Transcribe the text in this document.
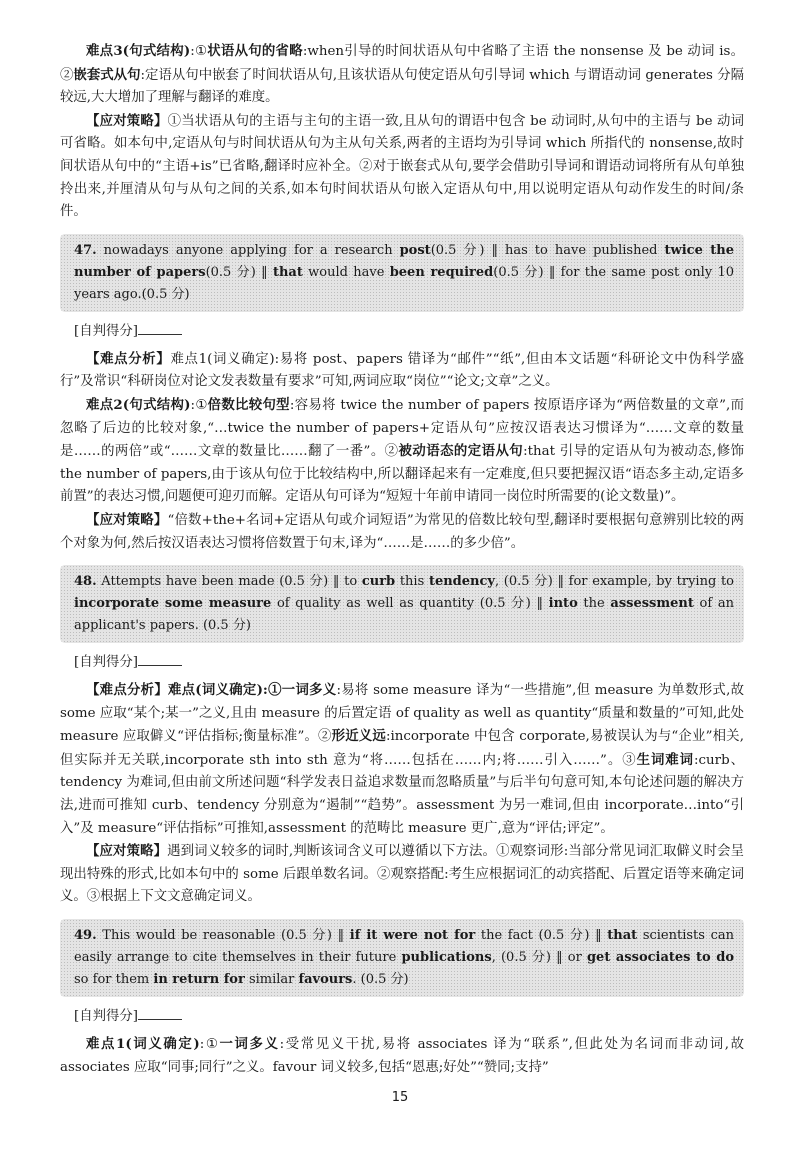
难点3(句式结构):①状语从句的省略:when引导的时间状语从句中省略了主语 the nonsense 及 be 动词 is。②嵌套式从句:定语从句中嵌套了时间状语从句,且该状语从句使定语从句引导词 which 与谓语动词 generates 分隔较远,大大增加了理解与翻译的难度。

【应对策略】①当状语从句的主语与主句的主语一致,且从句的谓语中包含 be 动词时,从句中的主语与 be 动词可省略。如本句中,定语从句与时间状语从句为主从句关系,两者的主语均为引导词 which 所指代的 nonsense,故时间状语从句中的“主语+is”已省略,翻译时应补全。②对于嵌套式从句,要学会借助引导词和谓语动词将所有从句单独拎出来,并厘清从句与从句之间的关系,如本句时间状语从句嵌入定语从句中,用以说明定语从句动作发生的时间/条件。

47. nowadays anyone applying for a research post(0.5 分) ‖ has to have published twice the number of papers(0.5 分) ‖ that would have been required(0.5 分) ‖ for the same post only 10 years ago.(0.5 分)

[自判得分]

【难点分析】难点1(词义确定):易将 post、papers 错译为“邮件”“纸”,但由本文话题“科研论文中伪科学盛行”及常识“科研岗位对论文发表数量有要求”可知,两词应取“岗位”“论文;文章”之义。

难点2(句式结构):①倍数比较句型:容易将 twice the number of papers 按原语序译为“两倍数量的文章”,而忽略了后边的比较对象,“…twice the number of papers+定语从句”应按汉语表达习惯译为“……文章的数量是……的两倍”或“……文章的数量比……翻了一番”。②被动语态的定语从句:that 引导的定语从句为被动态,修饰 the number of papers,由于该从句位于比较结构中,所以翻译起来有一定难度,但只要把握汉语“语态多主动,定语多前置”的表达习惯,问题便可迎刃而解。定语从句可译为“短短十年前申请同一岗位时所需要的(论文数量)”。

【应对策略】“倍数+the+名词+定语从句或介词短语”为常见的倍数比较句型,翻译时要根据句意辨别比较的两个对象为何,然后按汉语表达习惯将倍数置于句末,译为“……是……的多少倍”。

48. Attempts have been made (0.5 分) ‖ to curb this tendency, (0.5 分) ‖ for example, by trying to incorporate some measure of quality as well as quantity (0.5 分) ‖ into the assessment of an applicant's papers. (0.5 分)

[自判得分]

【难点分析】难点(词义确定):①一词多义:易将 some measure 译为“一些措施”,但 measure 为单数形式,故 some 应取“某个;某一”之义,且由 measure 的后置定语 of quality as well as quantity“质量和数量的”可知,此处 measure 应取僻义“评估指标;衡量标准”。②形近义远:incorporate 中包含 corporate,易被误认为与“企业”相关,但实际并无关联,incorporate sth into sth 意为“将……包括在……内;将……引入……”。③生词难词:curb、tendency 为难词,但由前文所述问题“科学发表日益追求数量而忽略质量”与后半句句意可知,本句论述问题的解决方法,进而可推知 curb、tendency 分别意为“遏制”“趋势”。assessment 为另一难词,但由 incorporate…into“引入”及 measure“评估指标”可推知,assessment 的范畴比 measure 更广,意为“评估;评定”。

【应对策略】遇到词义较多的词时,判断该词含义可以遵循以下方法。①观察词形:当部分常见词汇取僻义时会呈现出特殊的形式,比如本句中的 some 后跟单数名词。②观察搭配:考生应根据词汇的动宾搭配、后置定语等来确定词义。③根据上下文文意确定词义。

49. This would be reasonable (0.5 分) ‖ if it were not for the fact (0.5 分) ‖ that scientists can easily arrange to cite themselves in their future publications, (0.5 分) ‖ or get associates to do so for them in return for similar favours. (0.5 分)

[自判得分]

难点1(词义确定):①一词多义:受常见义干扰,易将 associates 译为“联系”,但此处为名词而非动词,故 associates 应取“同事;同行”之义。favour 词义较多,包括“恩惠;好处”“赞同;支持”

15
